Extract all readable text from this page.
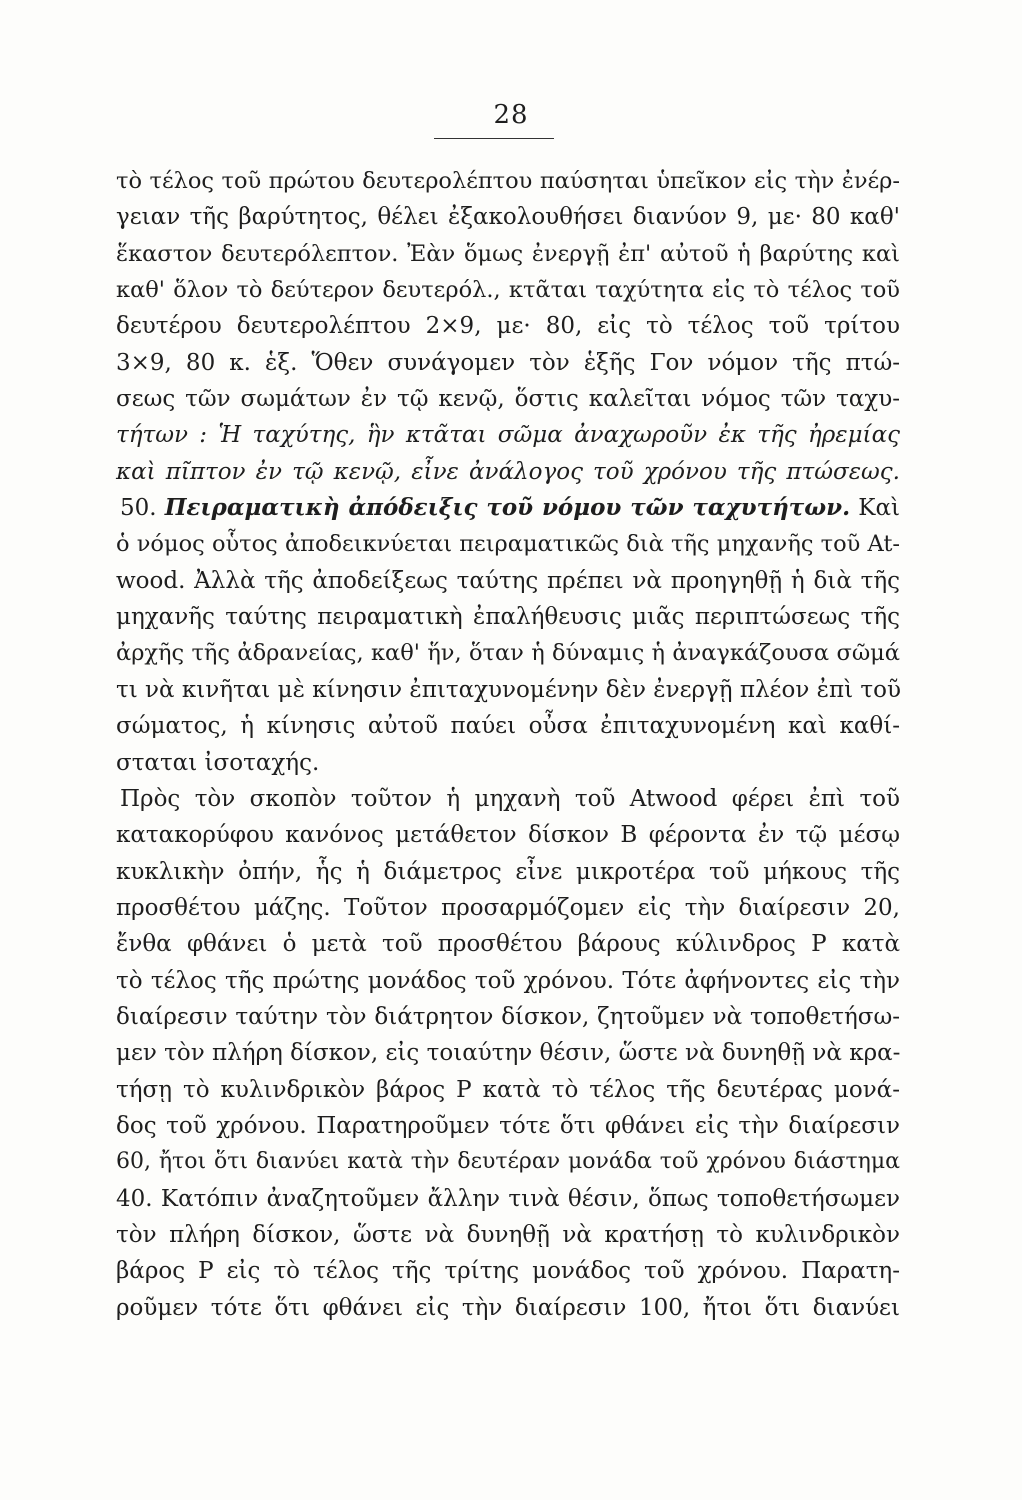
28
τὸ τέλος τοῦ πρώτου δευτερολέπτου παύσηται ὑπεῖκον εἰς τὴν ἐνέρ-
γειαν τῆς βαρύτητος, θέλει ἐξακολουθήσει διανύον 9, με· 80 καθ'
ἕκαστον δευτερόλεπτον. Ἐὰν ὅμως ἐνεργῇ ἐπ' αὐτοῦ ἡ βαρύτης καὶ
καθ' ὅλον τὸ δεύτερον δευτερόλ., κτᾶται ταχύτητα εἰς τὸ τέλος τοῦ
δευτέρου δευτερολέπτου 2×9, με· 80, εἰς τὸ τέλος τοῦ τρίτου
3×9, 80 κ. ἑξ. Ὅθεν συνάγομεν τὸν ἑξῆς Γον νόμον τῆς πτώ-
σεως τῶν σωμάτων ἐν τῷ κενῷ, ὅστις καλεῖται νόμος τῶν ταχυ-
τήτων : Ἡ ταχύτης, ἣν κτᾶται σῶμα ἀναχωροῦν ἐκ τῆς ἠρεμίας
καὶ πῖπτον ἐν τῷ κενῷ, εἶνε ἀνάλογος τοῦ χρόνου τῆς πτώσεως.
50. Πειραματικὴ ἀπόδειξις τοῦ νόμου τῶν ταχυτήτων. Καὶ
ὁ νόμος οὗτος ἀποδεικνύεται πειραματικῶς διὰ τῆς μηχανῆς τοῦ At-
wood. Ἀλλὰ τῆς ἀποδείξεως ταύτης πρέπει νὰ προηγηθῇ ἡ διὰ τῆς
μηχανῆς ταύτης πειραματικὴ ἐπαλήθευσις μιᾶς περιπτώσεως τῆς
ἀρχῆς τῆς ἀδρανείας, καθ' ἥν, ὅταν ἡ δύναμις ἡ ἀναγκάζουσα σῶμά
τι νὰ κινῆται μὲ κίνησιν ἐπιταχυνομένην δὲν ἐνεργῇ πλέον ἐπὶ τοῦ
σώματος, ἡ κίνησις αὐτοῦ παύει οὖσα ἐπιταχυνομένη καὶ καθί-
σταται ἰσοταχής.
Πρὸς τὸν σκοπὸν τοῦτον ἡ μηχανὴ τοῦ Atwood φέρει ἐπὶ τοῦ
κατακορύφου κανόνος μετάθετον δίσκον Β φέροντα ἐν τῷ μέσῳ
κυκλικὴν ὀπήν, ἧς ἡ διάμετρος εἶνε μικροτέρα τοῦ μήκους τῆς
προσθέτου μάζης. Τοῦτον προσαρμόζομεν εἰς τὴν διαίρεσιν 20,
ἔνθα φθάνει ὁ μετὰ τοῦ προσθέτου βάρους κύλινδρος Ρ κατὰ
τὸ τέλος τῆς πρώτης μονάδος τοῦ χρόνου. Τότε ἀφήνοντες εἰς τὴν
διαίρεσιν ταύτην τὸν διάτρητον δίσκον, ζητοῦμεν νὰ τοποθετήσω-
μεν τὸν πλήρη δίσκον, εἰς τοιαύτην θέσιν, ὥστε νὰ δυνηθῇ νὰ κρα-
τήσῃ τὸ κυλινδρικὸν βάρος Ρ κατὰ τὸ τέλος τῆς δευτέρας μονά-
δος τοῦ χρόνου. Παρατηροῦμεν τότε ὅτι φθάνει εἰς τὴν διαίρεσιν
60, ἤτοι ὅτι διανύει κατὰ τὴν δευτέραν μονάδα τοῦ χρόνου διάστημα
40. Κατόπιν ἀναζητοῦμεν ἄλλην τινὰ θέσιν, ὅπως τοποθετήσωμεν
τὸν πλήρη δίσκον, ὥστε νὰ δυνηθῇ νὰ κρατήσῃ τὸ κυλινδρικὸν
βάρος Ρ εἰς τὸ τέλος τῆς τρίτης μονάδος τοῦ χρόνου. Παρατη-
ροῦμεν τότε ὅτι φθάνει εἰς τὴν διαίρεσιν 100, ἤτοι ὅτι διανύει
